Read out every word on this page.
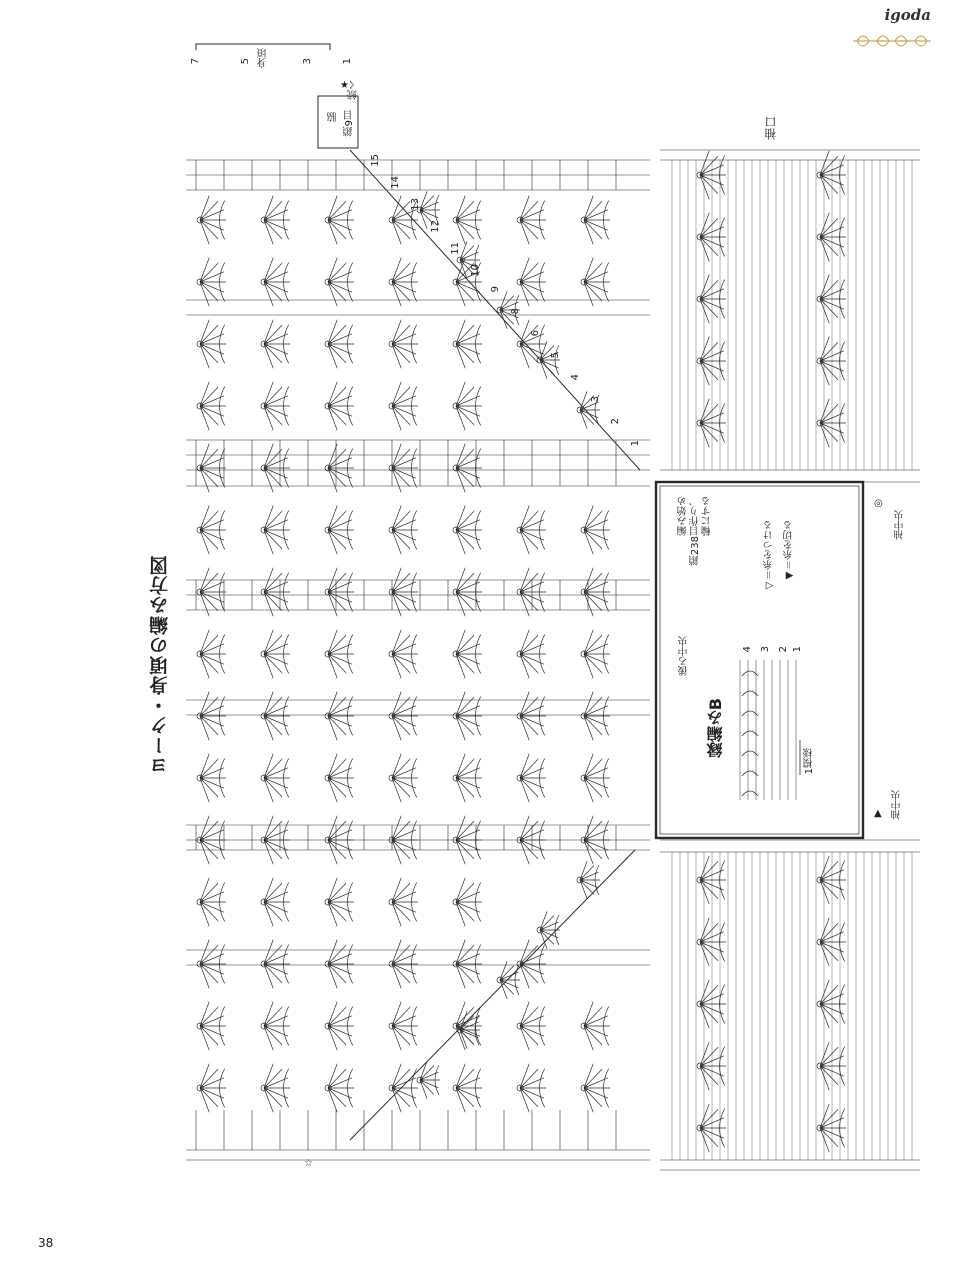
igoda
ヨーク・身頃の編み方図
38
身頃
続く
脇 鎖9目	袖口
袖中央
袖中央
後ろ中央
編み始め 鎖238目作り、 輪にする
◁＝糸をつける ◀＝糸を切る
縁編みB
1模様
★
☆
◎
▲
7	5	3	1
15
14
13
12
11
10
9
8
6
5
4
3
2
1
4 3 2 1
